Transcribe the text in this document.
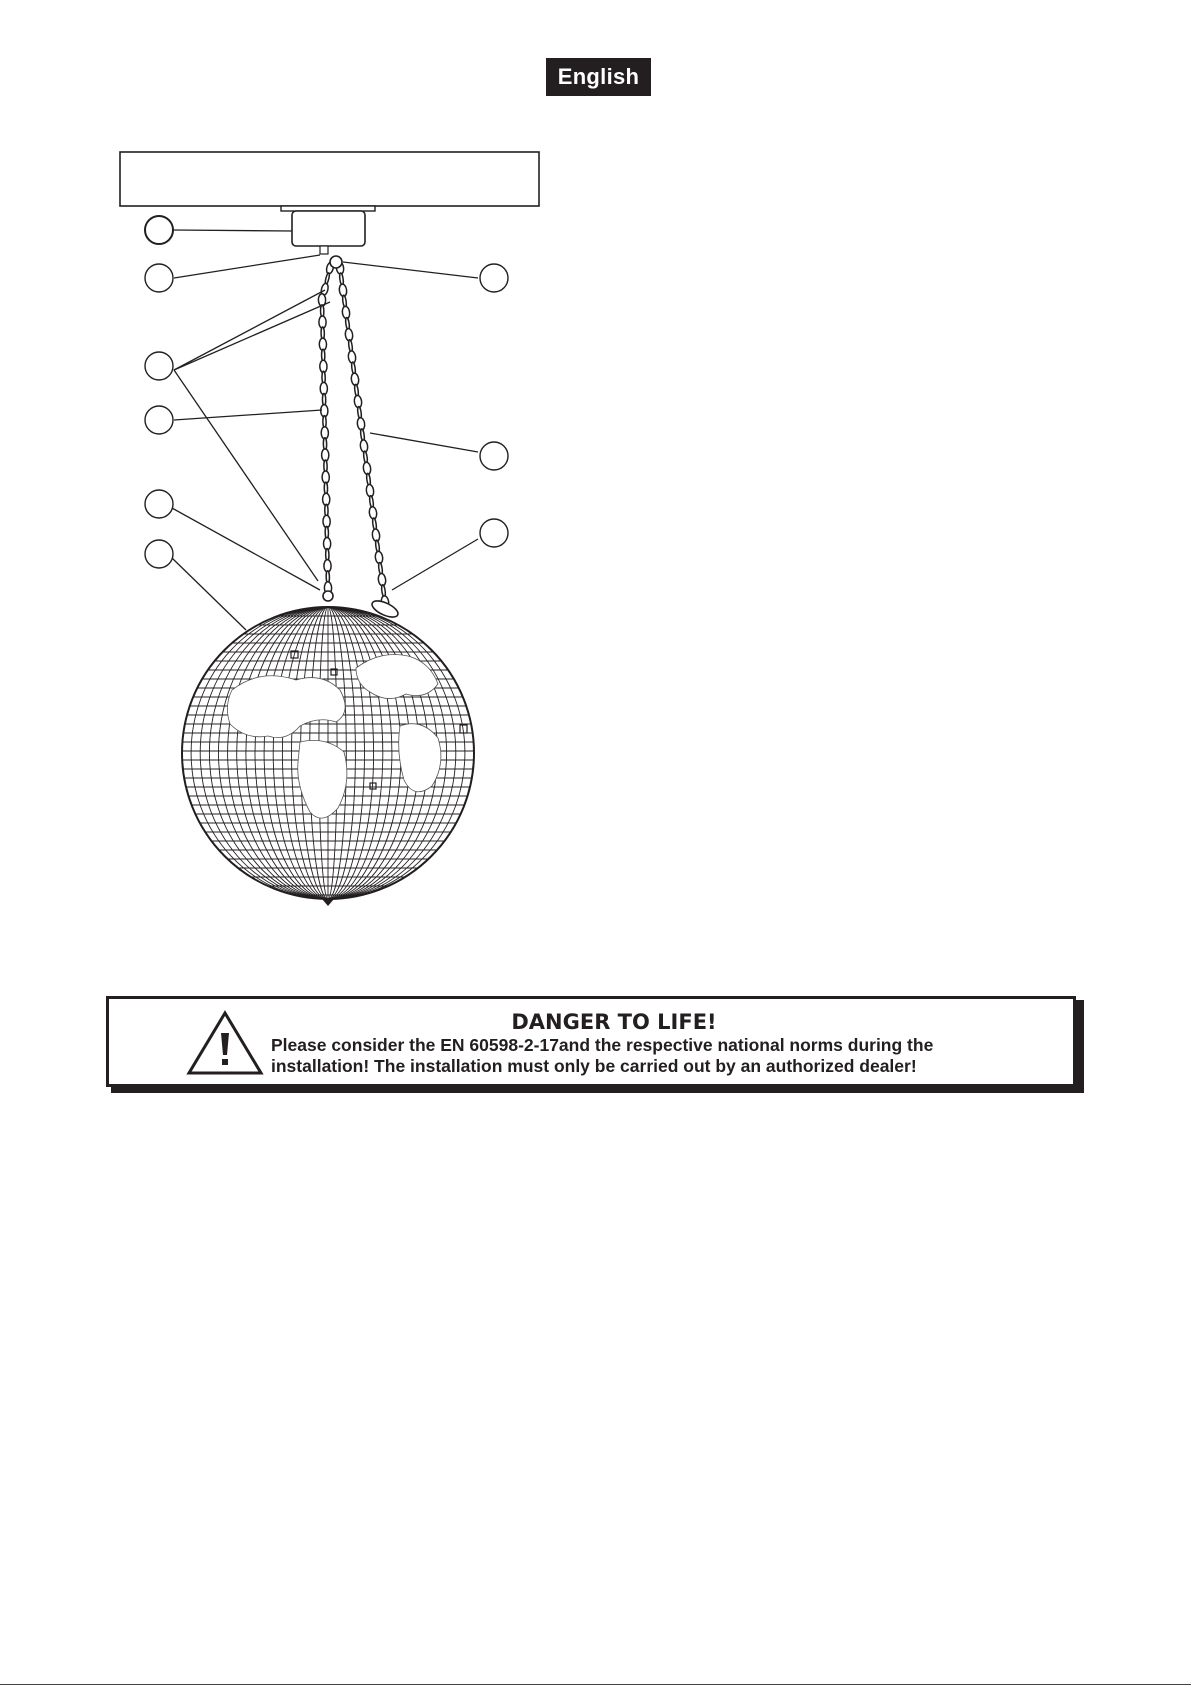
English
DANGER TO LIFE!

Please consider the EN 60598-2-17and the respective national norms during the
installation! The installation must only be carried out by an authorized dealer!
